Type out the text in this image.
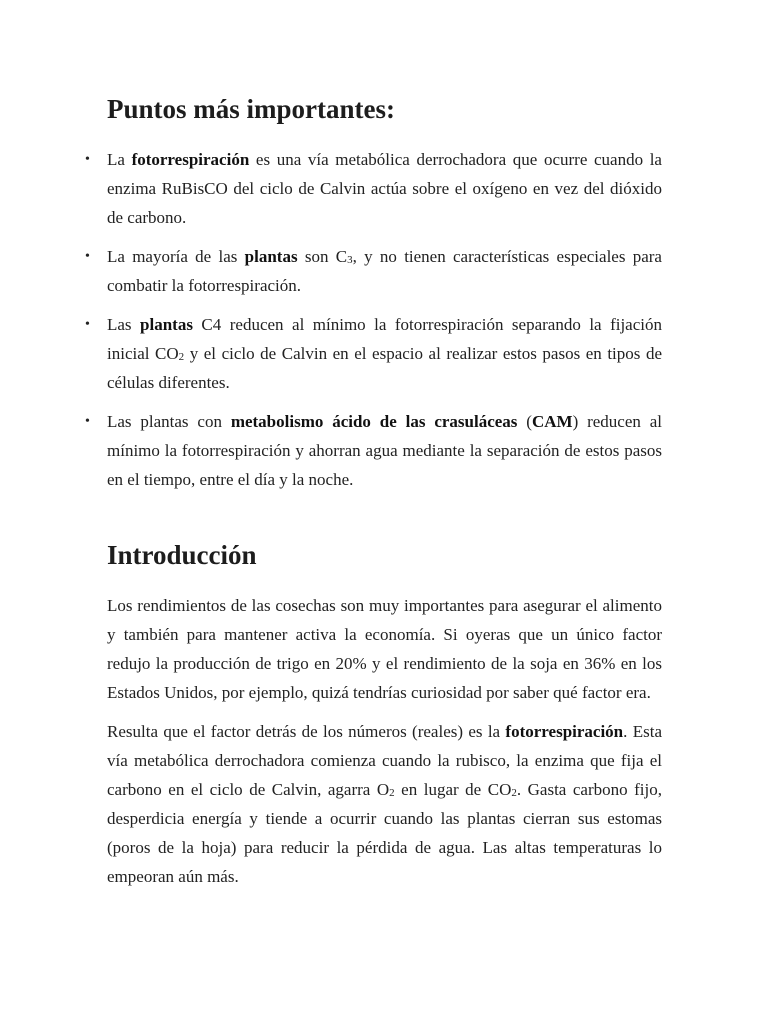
Puntos más importantes:
• La fotorrespiración es una vía metabólica derrochadora que ocurre cuando la enzima RuBisCO del ciclo de Calvin actúa sobre el oxígeno en vez del dióxido de carbono.
• La mayoría de las plantas son $C_3$, y no tienen características especiales para combatir la fotorrespiración.
• Las plantas C4 reducen al mínimo la fotorrespiración separando la fijación inicial $CO_2$ y el ciclo de Calvin en el espacio al realizar estos pasos en tipos de células diferentes.
• Las plantas con metabolismo ácido de las crasuláceas (CAM) reducen al mínimo la fotorrespiración y ahorran agua mediante la separación de estos pasos en el tiempo, entre el día y la noche.
Introducción

Los rendimientos de las cosechas son muy importantes para asegurar el alimento y también para mantener activa la economía. Si oyeras que un único factor redujo la producción de trigo en 20% y el rendimiento de la soja en 36% en los Estados Unidos, por ejemplo, quizá tendrías curiosidad por saber qué factor era.

Resulta que el factor detrás de los números (reales) es la fotorrespiración. Esta vía metabólica derrochadora comienza cuando la rubisco, la enzima que fija el carbono en el ciclo de Calvin, agarra $O_2$ en lugar de $CO_2$. Gasta carbono fijo, desperdicia energía y tiende a ocurrir cuando las plantas cierran sus estomas (poros de la hoja) para reducir la pérdida de agua. Las altas temperaturas lo empeoran aún más.
